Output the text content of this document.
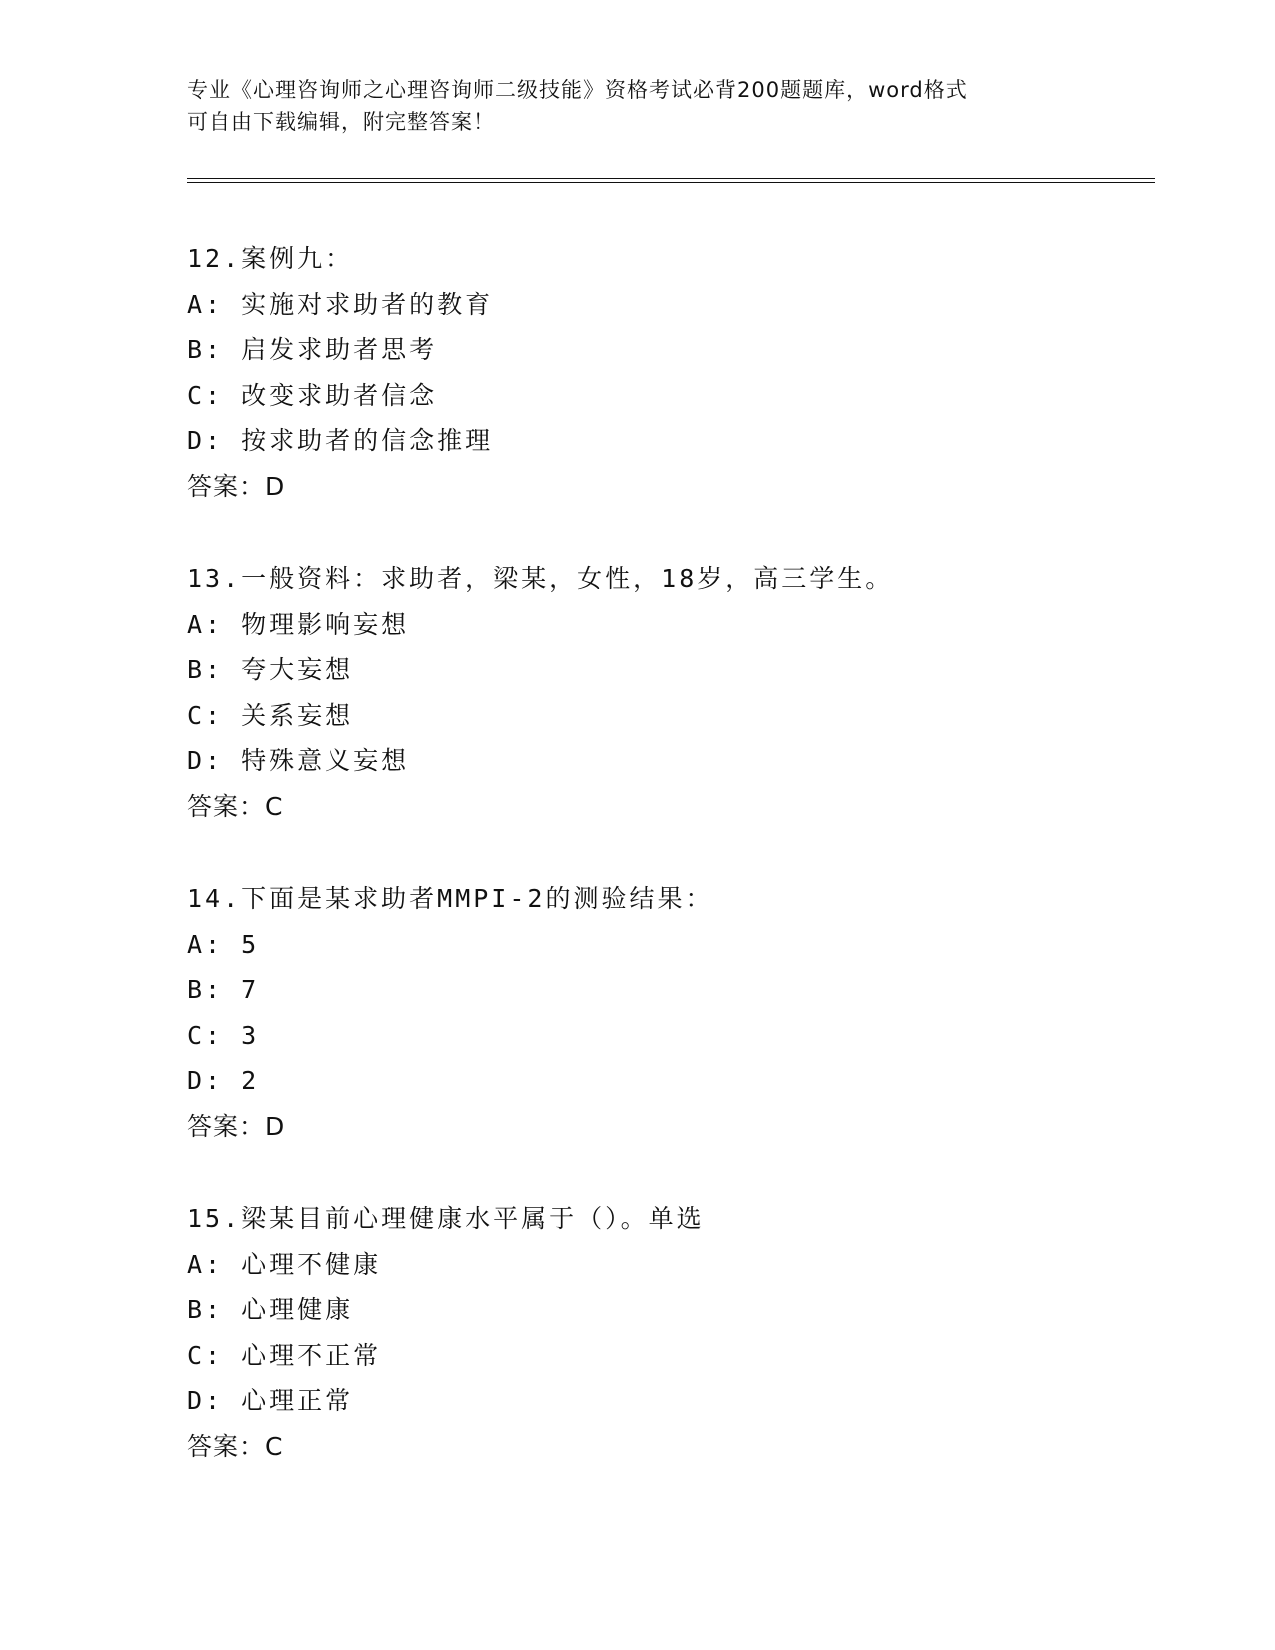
专业《心理咨询师之心理咨询师二级技能》资格考试必背200题题库，word格式
可自由下载编辑，附完整答案！
12.案例九：
A: 实施对求助者的教育
B: 启发求助者思考
C: 改变求助者信念
D: 按求助者的信念推理
答案：D
13.一般资料：求助者，梁某，女性，18岁，高三学生。
A: 物理影响妄想
B: 夸大妄想
C: 关系妄想
D: 特殊意义妄想
答案：C
14.下面是某求助者MMPI-2的测验结果：
A: 5
B: 7
C: 3
D: 2
答案：D
15.梁某目前心理健康水平属于（）。单选
A: 心理不健康
B: 心理健康
C: 心理不正常
D: 心理正常
答案：C
